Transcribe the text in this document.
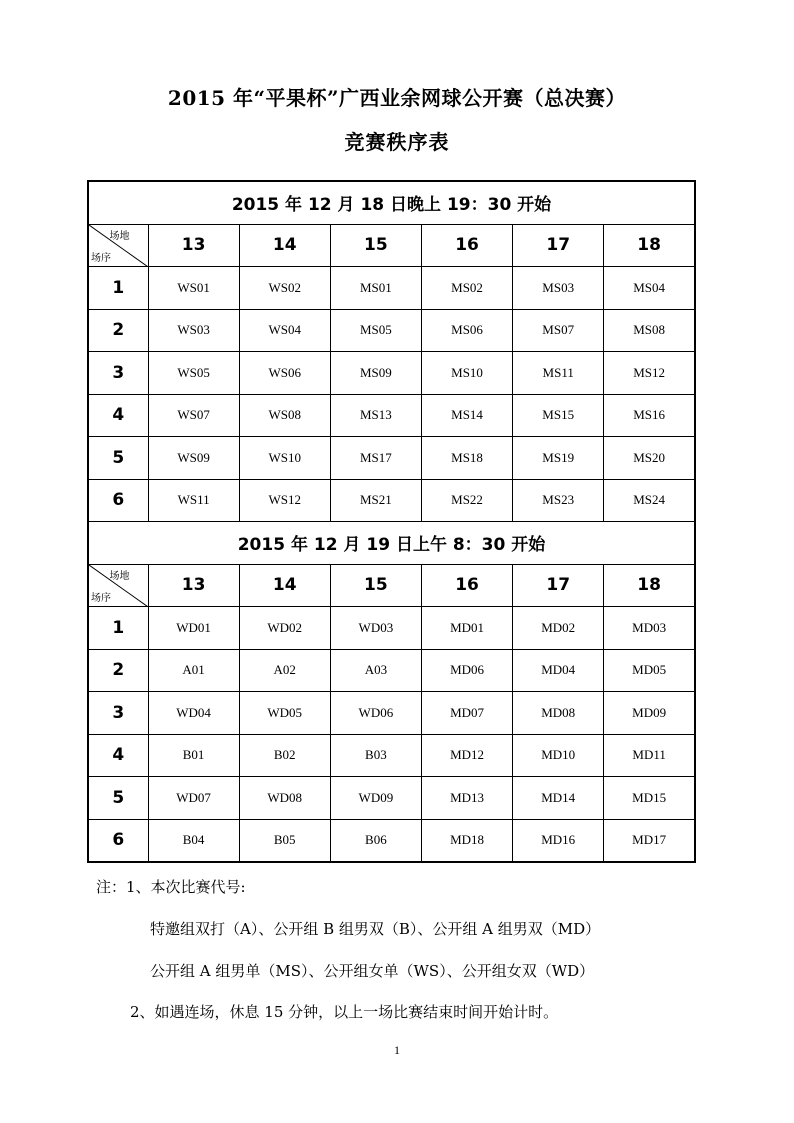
2015 年“平果杯”广西业余网球公开赛（总决赛）
竞赛秩序表
2015 年 12 月 18 日晚上 19：30 开始						

场地
场序	13	14	15	16	17	18
1	WS01	WS02	MS01	MS02	MS03	MS04
2	WS03	WS04	MS05	MS06	MS07	MS08
3	WS05	WS06	MS09	MS10	MS11	MS12
4	WS07	WS08	MS13	MS14	MS15	MS16
5	WS09	WS10	MS17	MS18	MS19	MS20
6	WS11	WS12	MS21	MS22	MS23	MS24
2015 年 12 月 19 日上午 8：30 开始						

场地
场序	13	14	15	16	17	18
1	WD01	WD02	WD03	MD01	MD02	MD03
2	A01	A02	A03	MD06	MD04	MD05
3	WD04	WD05	WD06	MD07	MD08	MD09
4	B01	B02	B03	MD12	MD10	MD11
5	WD07	WD08	WD09	MD13	MD14	MD15
6	B04	B05	B06	MD18	MD16	MD17
注：1、本次比赛代号:
特邀组双打（A）、公开组 B 组男双（B）、公开组 A 组男双（MD）
公开组 A 组男单（MS）、公开组女单（WS）、公开组女双（WD）
2、如遇连场，休息 15 分钟，以上一场比赛结束时间开始计时。
1
